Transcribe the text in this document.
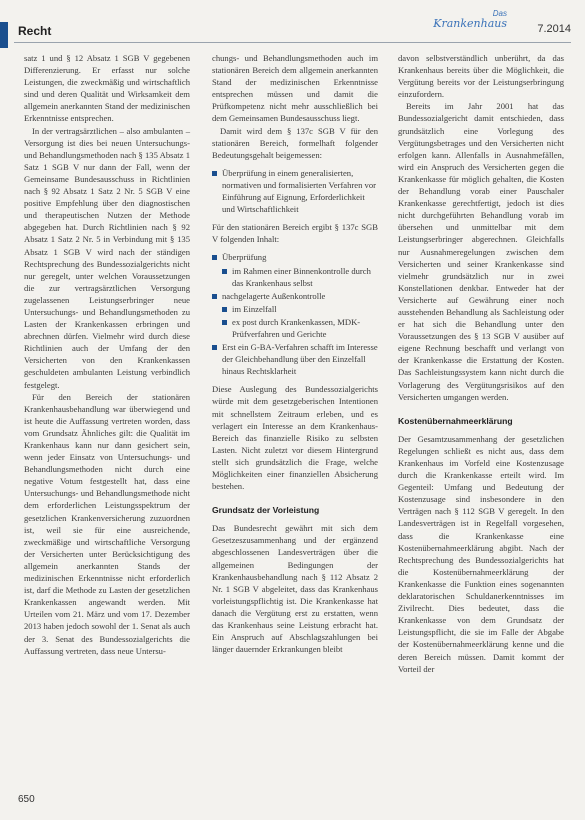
Recht
Das
Krankenhaus	7.2014

satz 1 und § 12 Absatz 1 SGB V gegebenen Differenzierung. Er erfasst nur solche Leistungen, die zweckmäßig und wirtschaftlich sind und deren Qualität und Wirksamkeit dem allgemein anerkannten Stand der medizinischen Erkenntnisse entsprechen.

In der vertragsärztlichen – also ambulanten – Versorgung ist dies bei neuen Untersuchungs- und Behandlungsmethoden nach § 135 Absatz 1 Satz 1 SGB V nur dann der Fall, wenn der Gemeinsame Bundesausschuss in Richtlinien nach § 92 Absatz 1 Satz 2 Nr. 5 SGB V eine positive Empfehlung über den diagnostischen und therapeutischen Nutzen der Methode abgegeben hat. Durch Richtlinien nach § 92 Absatz 1 Satz 2 Nr. 5 in Verbindung mit § 135 Absatz 1 SGB V wird nach der ständigen Rechtsprechung des Bundessozialgerichts nicht nur geregelt, unter welchen Voraussetzungen die zur vertragsärztlichen Versorgung zugelassenen Leistungserbringer neue Untersuchungs- und Behandlungsmethoden zu Lasten der Krankenkassen erbringen und abrechnen dürfen. Vielmehr wird durch diese Richtlinien auch der Umfang der den Versicherten von den Krankenkassen geschuldeten ambulanten Leistung verbindlich festgelegt.

Für den Bereich der stationären Krankenhausbehandlung war überwiegend und ist heute die Auffassung vertreten worden, dass vom Grundsatz Ähnliches gilt: die Qualität im Krankenhaus kann nur dann gesichert sein, wenn jeder Einsatz von Untersuchungs- und Behandlungsmethoden nicht durch eine negative Votum festgestellt hat, dass eine Untersuchungs- und Behandlungsmethode nicht dem erforderlichen Leistungsspektrum der gesetzlichen Krankenversicherung zuzuordnen ist, weil sie für eine ausreichende, zweckmäßige und wirtschaftliche Versorgung der Versicherten unter Berücksichtigung des allgemein anerkannten Stands der medizinischen Erkenntnisse nicht erforderlich ist, darf die Methode zu Lasten der gesetzlichen Krankenkassen angewandt werden. Mit Urteilen vom 21. März und vom 17. Dezember 2013 haben jedoch sowohl der 1. Senat als auch der 3. Senat des Bundessozialgerichts die Auffassung vertreten, dass neue Untersu-

chungs- und Behandlungsmethoden auch im stationären Bereich dem allgemein anerkannten Stand der medizinischen Erkenntnisse entsprechen müssen und damit die Prüfkompetenz nicht mehr ausschließlich bei dem Gemeinsamen Bundesausschuss liegt.

Damit wird dem § 137c SGB V für den stationären Bereich, formelhaft folgender Bedeutungsgehalt beigemessen:

Überprüfung in einem generalisierten, normativen und formalisierten Verfahren vor Einführung auf Eignung, Erforderlichkeit und Wirtschaftlichkeit

Für den stationären Bereich ergibt § 137c SGB V folgenden Inhalt:

Überprüfung
im Rahmen einer Binnenkontrolle durch das Krankenhaus selbst
nachgelagerte Außenkontrolle
im Einzelfall
ex post durch Krankenkassen, MDK-Prüfverfahren und Gerichte
Erst ein G-BA-Verfahren schafft im Interesse der Gleichbehandlung über den Einzelfall hinaus Rechtsklarheit

Diese Auslegung des Bundessozialgerichts würde mit dem gesetzgeberischen Intentionen mit schnellstem Zeitraum erleben, und es verlagert ein Interesse an dem Krankenhaus-Bereich das finanzielle Risiko zu selbsten Lasten. Nicht zuletzt vor diesem Hintergrund stellt sich grundsätzlich die Frage, welche Möglichkeiten einer finanziellen Absicherung bestehen.

Grundsatz der Vorleistung

Das Bundesrecht gewährt mit sich dem Gesetzeszusammenhang und der ergänzend abgeschlossenen Landesverträgen über die allgemeinen Bedingungen der Krankenhausbehandlung nach § 112 Absatz 2 Nr. 1 SGB V abgeleitet, dass das Krankenhaus vorleistungspflichtig ist. Die Krankenkasse hat danach die Vergütung erst zu erstatten, wenn das Krankenhaus seine Leistung erbracht hat. Ein Anspruch auf Abschlagszahlungen bei länger dauernder Erkrankungen bleibt

davon selbstverständlich unberührt, da das Krankenhaus bereits über die Möglichkeit, die Vergütung bereits vor der Leistungserbringung einzufordern.

Bereits im Jahr 2001 hat das Bundessozialgericht damit entschieden, dass grundsätzlich eine Vorlegung des Vergütungsbetrages und den Versicherten nicht erfolgen kann. Allenfalls in Ausnahmefällen, wird ein Anspruch des Versicherten gegen die Krankenkasse für möglich gehalten, die Kosten der Behandlung vorab einer Pauschaler Krankenkasse gerechtfertigt, jedoch ist dies nicht durchgeführten Behandlung vorab im übersehen und unmittelbar mit dem Leistungserbringer abgerechnen. Gleichfalls nur Ausnahmeregelungen zwischen dem Versicherten und seiner Krankenkasse sind vielmehr grundsätzlich nur in zwei Konstellationen denkbar. Entweder hat der Versicherte auf Gewährung einer noch ausstehenden Behandlung als Sachleistung oder er hat sich die Behandlung unter den Voraussetzungen des § 13 SGB V ausüber auf eigene Rechnung beschafft und verlangt von der Krankenkasse die Erstattung der Kosten. Das Sachleistungssystem kann nicht durch die Vorlagerung des Vergütungsrisikos auf den Versicherten umgangen werden.

Kostenübernahmeerklärung

Der Gesamtzusammenhang der gesetzlichen Regelungen schließt es nicht aus, dass dem Krankenhaus im Vorfeld eine Kostenzusage durch die Krankenkasse erteilt wird. Im Gegenteil: Umfang und Bedeutung der Kostenzusage sind insbesondere in den Verträgen nach § 112 SGB V geregelt. In den Landesverträgen ist in Regelfall vorgesehen, dass die Krankenkasse eine Kostenübernahmeerklärung abgibt. Nach der Rechtsprechung des Bundessozialgerichts hat die Kostenübernahmeerklärung der Krankenkasse die Funktion eines sogenannten deklaratorischen Schuldanerkenntnisses im Zivilrecht. Dies bedeutet, dass die Krankenkasse von dem Grundsatz der Leistungspflicht, die sie im Falle der Abgabe der Kostenübernahmeerklärung kenne und die deren Bereich müssen. Damit kommt der Vorteil der

650
